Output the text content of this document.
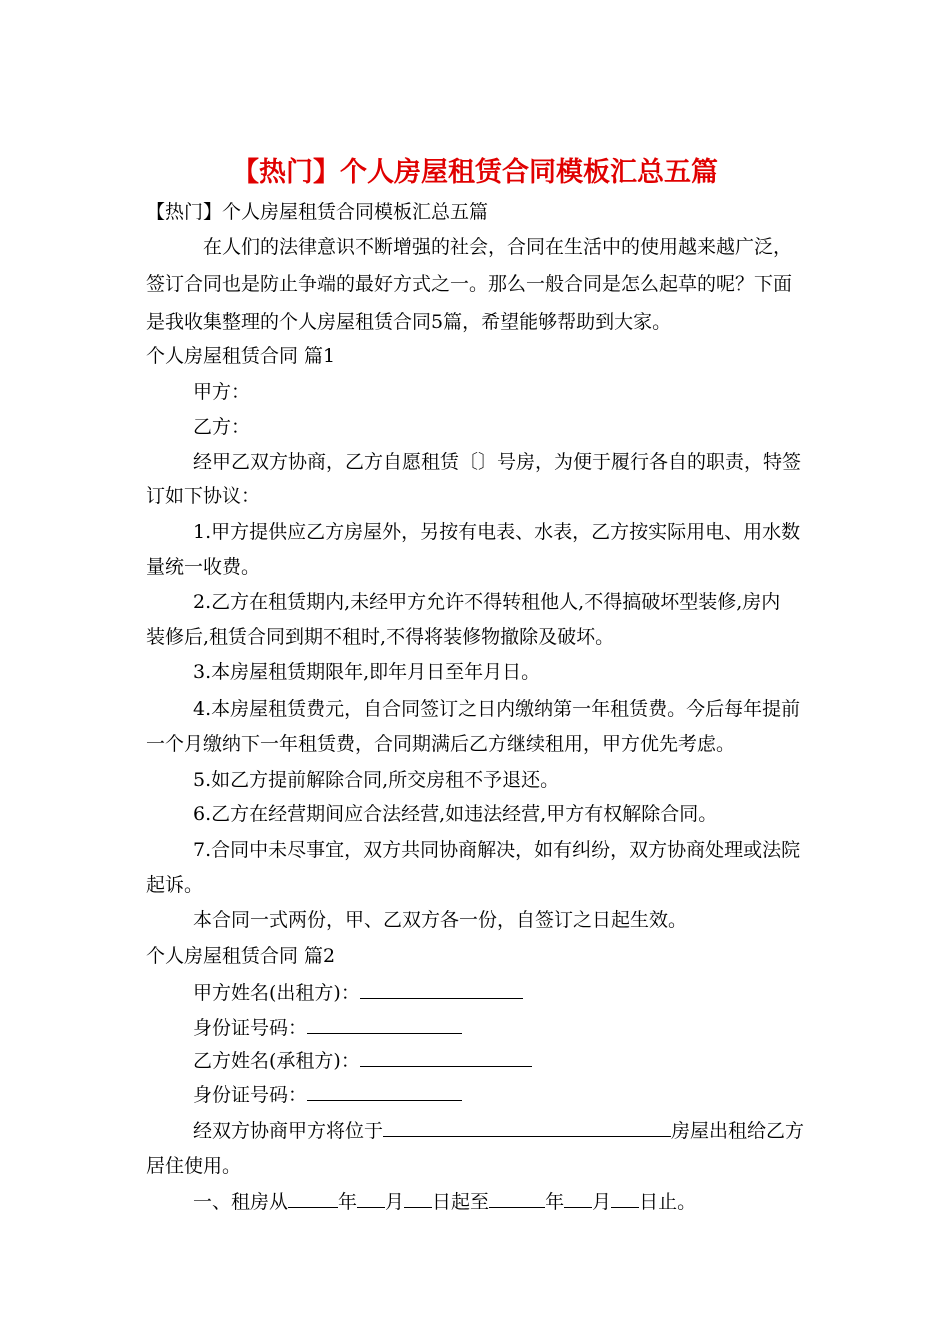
【热门】个人房屋租赁合同模板汇总五篇
【热门】个人房屋租赁合同模板汇总五篇
在人们的法律意识不断增强的社会，合同在生活中的使用越来越广泛，
签订合同也是防止争端的最好方式之一。那么一般合同是怎么起草的呢？下面
是我收集整理的个人房屋租赁合同5篇，希望能够帮助到大家。
个人房屋租赁合同 篇1
甲方：
乙方：
经甲乙双方协商，乙方自愿租赁〔〕号房，为便于履行各自的职责，特签
订如下协议：
1.甲方提供应乙方房屋外，另按有电表、水表，乙方按实际用电、用水数
量统一收费。
2.乙方在租赁期内,未经甲方允许不得转租他人,不得搞破坏型装修,房内
装修后,租赁合同到期不租时,不得将装修物撤除及破坏。
3.本房屋租赁期限年,即年月日至年月日。
4.本房屋租赁费元，自合同签订之日内缴纳第一年租赁费。今后每年提前
一个月缴纳下一年租赁费，合同期满后乙方继续租用，甲方优先考虑。
5.如乙方提前解除合同,所交房租不予退还。
6.乙方在经营期间应合法经营,如违法经营,甲方有权解除合同。
7.合同中未尽事宜，双方共同协商解决，如有纠纷，双方协商处理或法院
起诉。
本合同一式两份，甲、乙双方各一份，自签订之日起生效。
个人房屋租赁合同 篇2
甲方姓名(出租方)：
身份证号码：
乙方姓名(承租方)：
身份证号码：
经双方协商甲方将位于	房屋出租给乙方
居住使用。
一、租房从	年 月 日起至	年 月 日止。
